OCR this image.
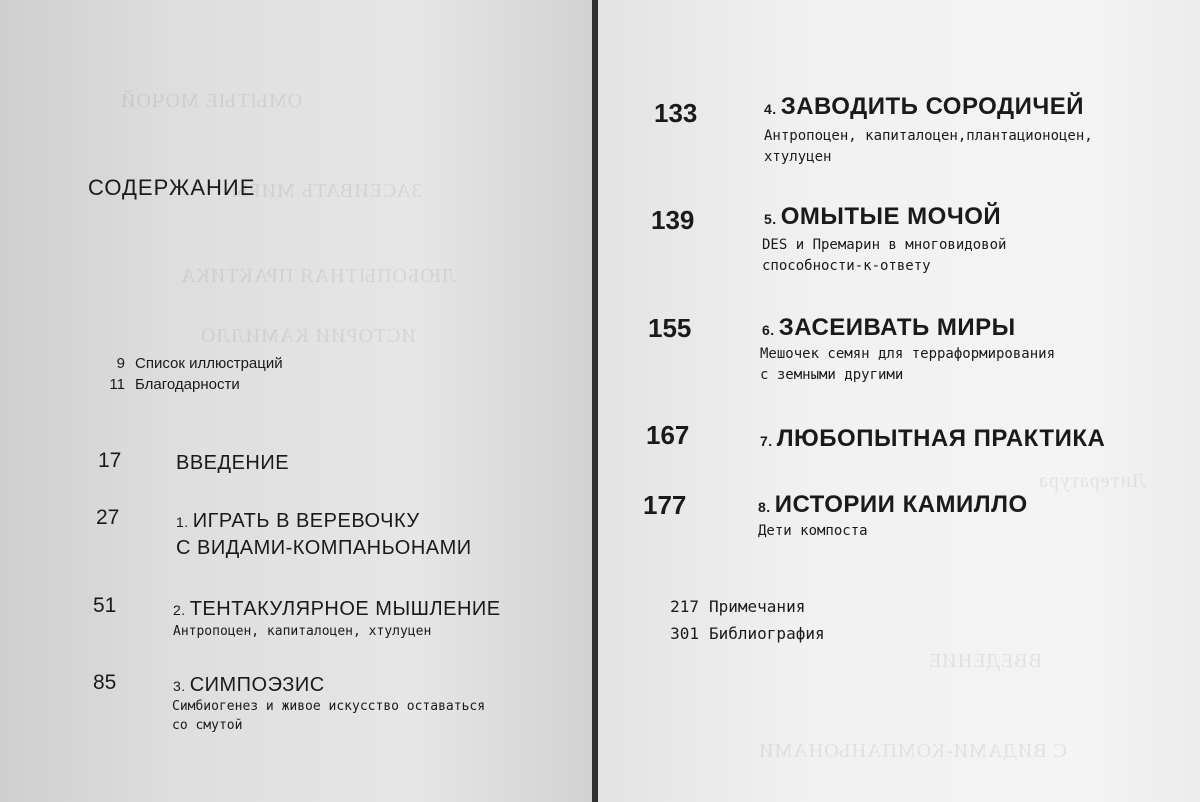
ОМЫТЫЕ МОЧОЙ
ЗАСЕИВАТЬ МИРЫ
ЛЮБОПЫТНАЯ ПРАКТИКА
ИСТОРИИ КАМИЛЛО
СОДЕРЖАНИЕ
9 Список иллюстраций
11 Благодарности
17	ВВЕДЕНИЕ
27	1. ИГРАТЬ В ВЕРЕВОЧКУ
С ВИДАМИ-КОМПАНЬОНАМИ
51	2. ТЕНТАКУЛЯРНОЕ МЫШЛЕНИЕ
Антропоцен, капиталоцен, хтулуцен
85	3. СИМПОЭЗИС
Симбиогенез и живое искусство оставаться
со смутой
Литература
ВВЕДЕНИЕ
С ВИДАМИ-КОМПАНЬОНАМИ
133	4. ЗАВОДИТЬ СОРОДИЧЕЙ
Антропоцен, капиталоцен,плантационоцен,
хтулуцен
139	5. ОМЫТЫЕ МОЧОЙ
DES и Премарин в многовидовой
способности-к-ответу
155	6. ЗАСЕИВАТЬ МИРЫ
Мешочек семян для терраформирования
с земными другими
167	7. ЛЮБОПЫТНАЯ ПРАКТИКА
177	8. ИСТОРИИ КАМИЛЛО
Дети компоста
217 Примечания
301 Библиография
